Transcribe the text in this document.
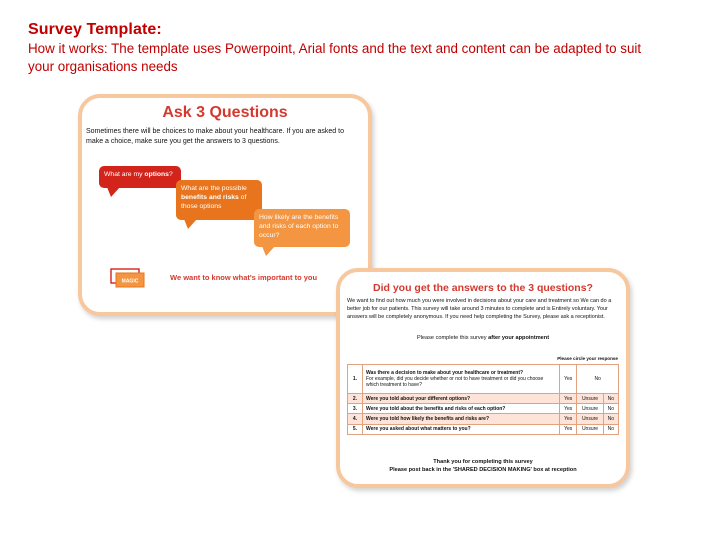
Survey Template:
How it works: The template uses Powerpoint, Arial fonts and the text and content can be adapted to suit your organisations needs
Ask 3 Questions
Sometimes there will be choices to make about your healthcare. If you are asked to make a choice, make sure you get the answers to 3 questions.
What are my options?
What are the possible benefits and risks of those options
How likely are the benefits and risks of each option to occur?
MAGIC	We want to know what's important to you
Did you get the answers to the 3 questions?
We want to find out how much you were involved in decisions about your care and treatment so We can do a better job for our patients. This survey will take around 3 minutes to complete and is Entirely voluntary. Your answers will be completely anonymous. If you need help completing the Survey, please ask a receptionist.
Please complete this survey after your appointment
Please circle your response
1.	Was there a decision to make about your healthcare or treatment?
For example, did you decide whether or not to have treatment or did you choose which treatment to have?	Yes	No	
2.	Were you told about your different options?	Yes	Unsure	No
3.	Were you told about the benefits and risks of each option?	Yes	Unsure	No
4.	Were you told how likely the benefits and risks are?	Yes	Unsure	No
5.	Were you asked about what matters to you?	Yes	Unsure	No
Thank you for completing this survey
Please post back in the 'SHARED DECISION MAKING' box at reception
